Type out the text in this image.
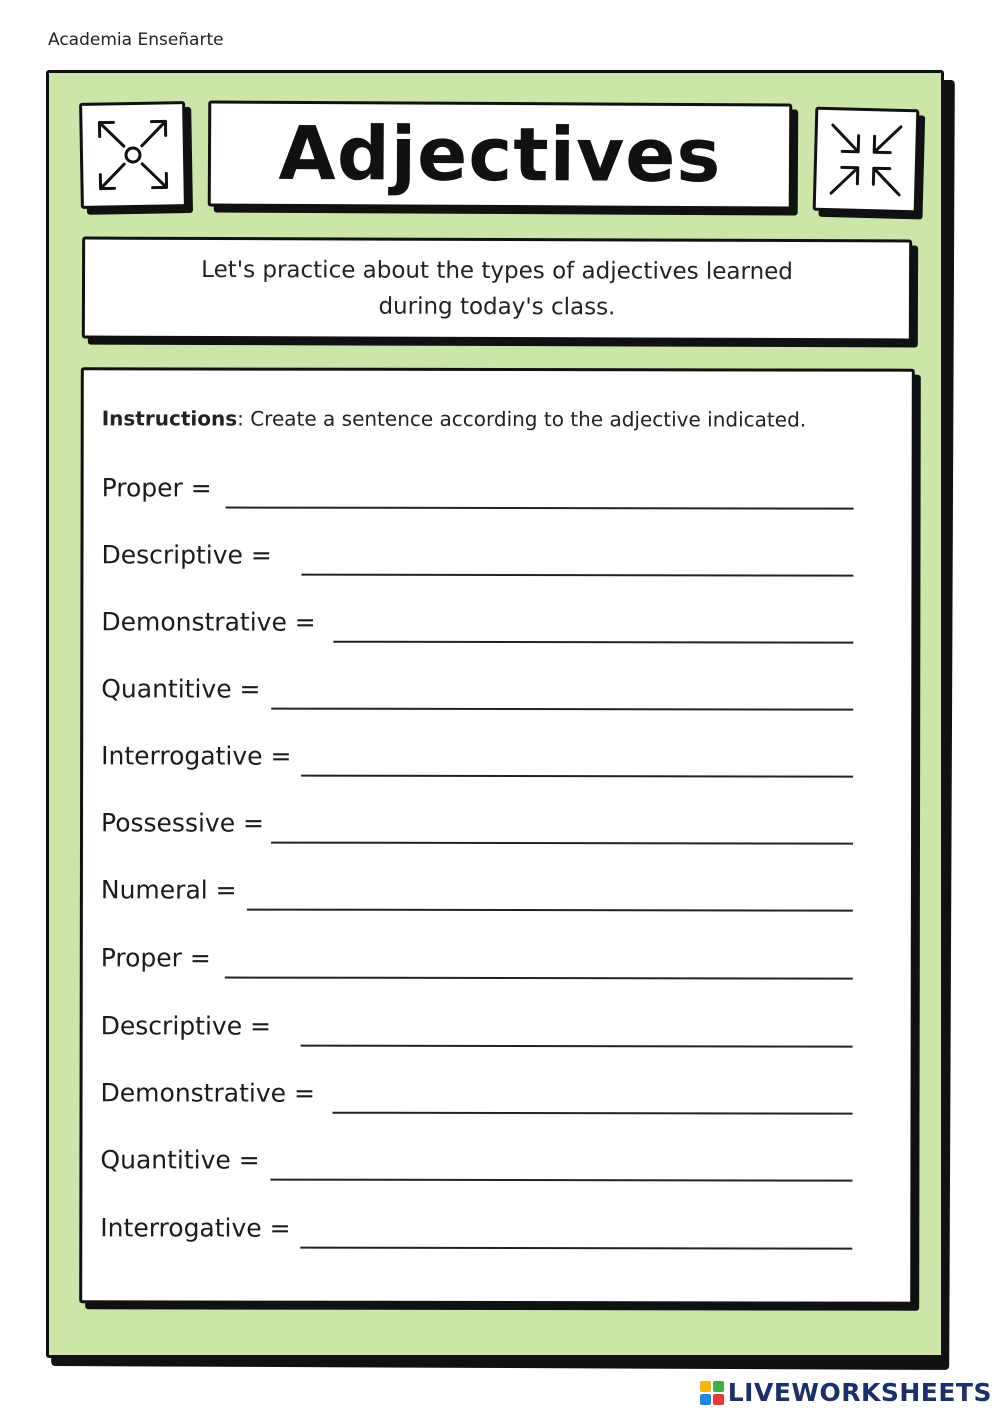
Academia Enseñarte
Adjectives
Let's practice about the types of adjectives learned during today's class.
Instructions: Create a sentence according to the adjective indicated.
Proper =
Descriptive =
Demonstrative =
Quantitive =
Interrogative =
Possessive =
Numeral =
Proper =
Descriptive =
Demonstrative =
Quantitive =
Interrogative =
LIVEWORKSHEETS
